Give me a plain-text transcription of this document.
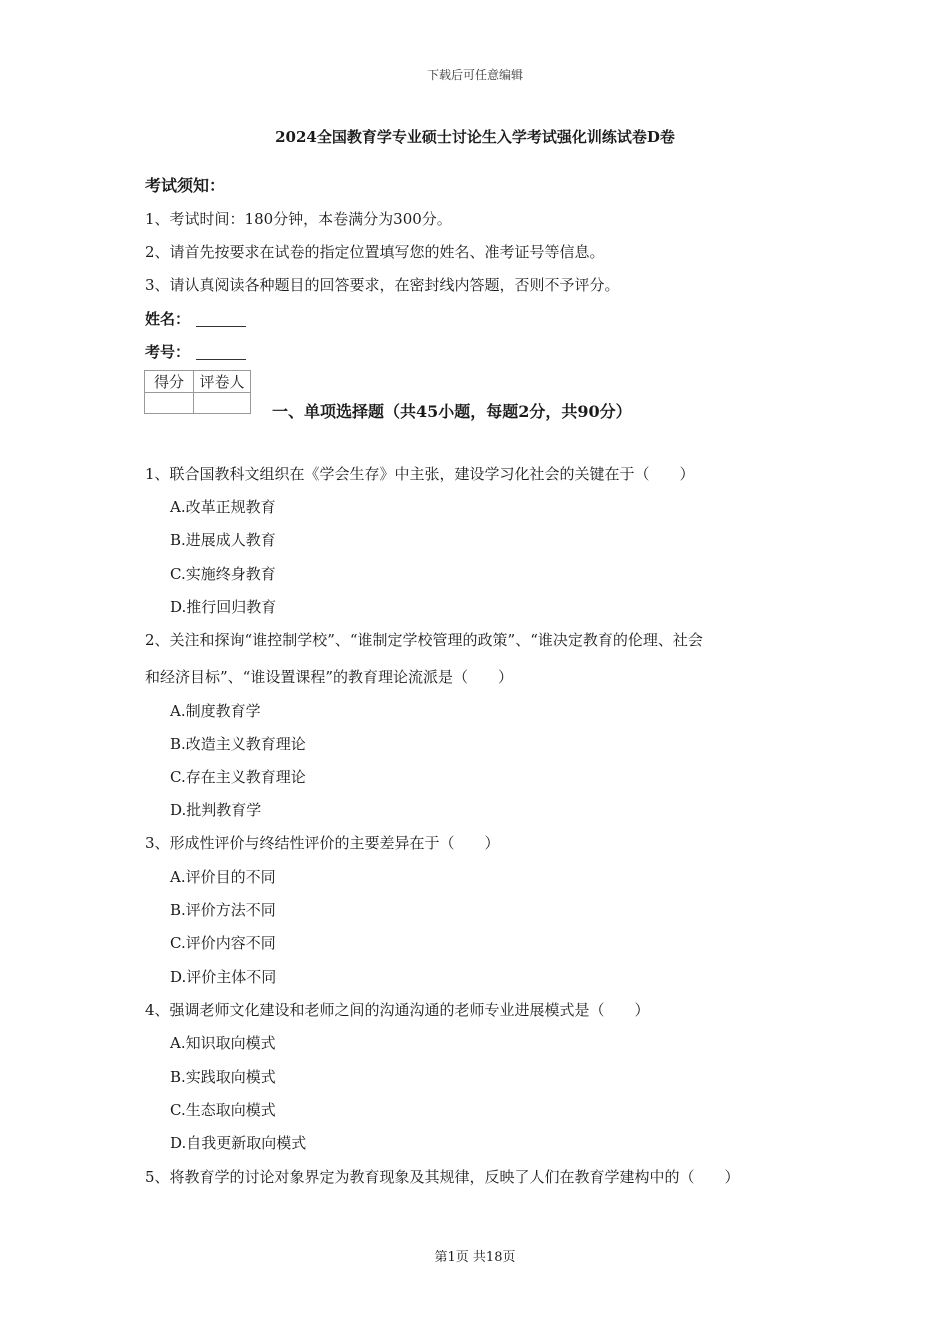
下载后可任意编辑
2024全国教育学专业硕士讨论生入学考试强化训练试卷D卷
考试须知：
1、考试时间：180分钟，本卷满分为300分。
2、请首先按要求在试卷的指定位置填写您的姓名、准考证号等信息。
3、请认真阅读各种题目的回答要求，在密封线内答题，否则不予评分。
姓名：
考号：
得分	评卷人

一、单项选择题（共45小题，每题2分，共90分）
1、联合国教科文组织在《学会生存》中主张，建设学习化社会的关键在于（　　）
A.改革正规教育
B.进展成人教育
C.实施终身教育
D.推行回归教育
2、关注和探询“谁控制学校”、“谁制定学校管理的政策”、“谁决定教育的伦理、社会
和经济目标”、“谁设置课程”的教育理论流派是（　　）
A.制度教育学
B.改造主义教育理论
C.存在主义教育理论
D.批判教育学
3、形成性评价与终结性评价的主要差异在于（　　）
A.评价目的不同
B.评价方法不同
C.评价内容不同
D.评价主体不同
4、强调老师文化建设和老师之间的沟通沟通的老师专业进展模式是（　　）
A.知识取向模式
B.实践取向模式
C.生态取向模式
D.自我更新取向模式
5、将教育学的讨论对象界定为教育现象及其规律，反映了人们在教育学建构中的（　　）
第1页 共18页
